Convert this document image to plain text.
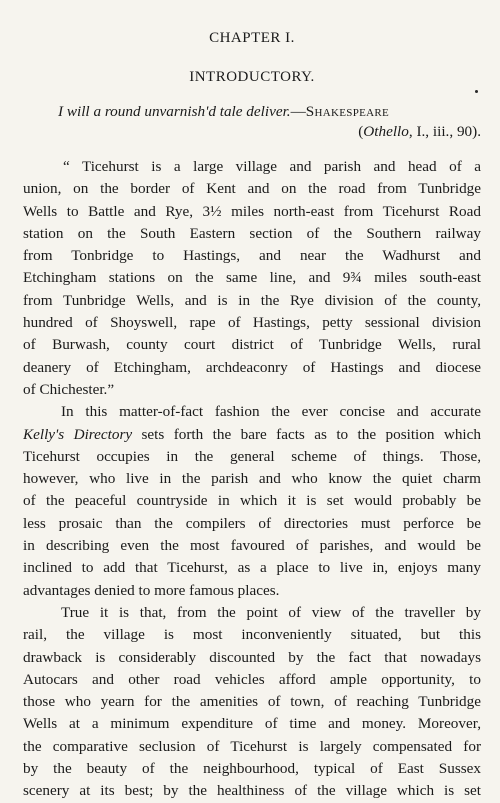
CHAPTER I.
INTRODUCTORY.
I will a round unvarnish'd tale deliver.—Shakespeare
(Othello, I., iii., 90).
“ Ticehurst is a large village and parish and head of a
union, on the border of Kent and on the road from Tunbridge
Wells to Battle and Rye, 3½ miles north-east from Ticehurst Road
station on the South Eastern section of the Southern railway
from Tonbridge to Hastings, and near the Wadhurst and
Etchingham stations on the same line, and 9¾ miles south-east
from Tunbridge Wells, and is in the Rye division of the county,
hundred of Shoyswell, rape of Hastings, petty sessional division
of Burwash, county court district of Tunbridge Wells, rural
deanery of Etchingham, archdeaconry of Hastings and diocese
of Chichester.”
In this matter-of-fact fashion the ever concise and accurate
Kelly's Directory sets forth the bare facts as to the position which
Ticehurst occupies in the general scheme of things. Those,
however, who live in the parish and who know the quiet charm
of the peaceful countryside in which it is set would probably be
less prosaic than the compilers of directories must perforce be
in describing even the most favoured of parishes, and would be
inclined to add that Ticehurst, as a place to live in, enjoys many
advantages denied to more famous places.
True it is that, from the point of view of the traveller by
rail, the village is most inconveniently situated, but this
drawback is considerably discounted by the fact that nowadays
Autocars and other road vehicles afford ample opportunity, to
those who yearn for the amenities of town, of reaching Tunbridge
Wells at a minimum expenditure of time and money. Moreover,
the comparative seclusion of Ticehurst is largely compensated for
by the beauty of the neighbourhood, typical of East Sussex
scenery at its best; by the healthiness of the village which is set
